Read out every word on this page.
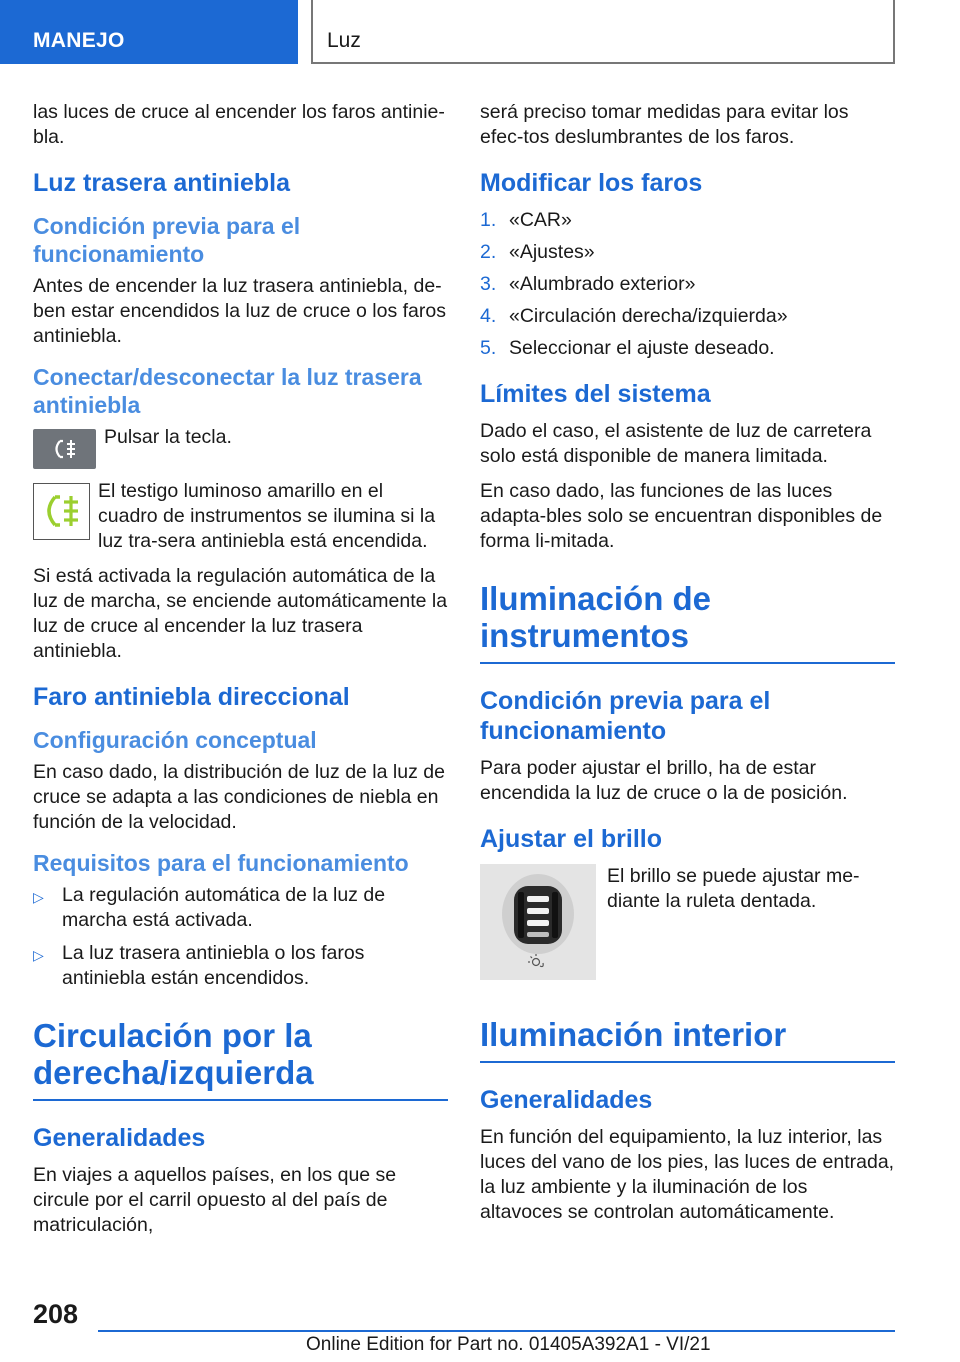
MANEJO	Luz

las luces de cruce al encender los faros antinie-bla.

Luz trasera antiniebla
Condición previa para el funcionamiento

Antes de encender la luz trasera antiniebla, de-ben estar encendidos la luz de cruce o los faros antiniebla.

Conectar/desconectar la luz trasera antiniebla

Pulsar la tecla.

El testigo luminoso amarillo en el cuadro de instrumentos se ilumina si la luz tra-sera antiniebla está encendida.

Si está activada la regulación automática de la luz de marcha, se enciende automáticamente la luz de cruce al encender la luz trasera antiniebla.

Faro antiniebla direccional
Configuración conceptual

En caso dado, la distribución de luz de la luz de cruce se adapta a las condiciones de niebla en función de la velocidad.

Requisitos para el funcionamiento
▷ La regulación automática de la luz de marcha está activada.
▷ La luz trasera antiniebla o los faros antiniebla están encendidos.
Circulación por la derecha/izquierda
Generalidades

En viajes a aquellos países, en los que se circule por el carril opuesto al del país de matriculación,

será preciso tomar medidas para evitar los efec-tos deslumbrantes de los faros.

Modificar los faros
1. «CAR»
2. «Ajustes»
3. «Alumbrado exterior»
4. «Circulación derecha/izquierda»
5. Seleccionar el ajuste deseado.
Límites del sistema

Dado el caso, el asistente de luz de carretera solo está disponible de manera limitada.

En caso dado, las funciones de las luces adapta-bles solo se encuentran disponibles de forma li-mitada.

Iluminación de instrumentos
Condición previa para el funcionamiento

Para poder ajustar el brillo, ha de estar encendida la luz de cruce o la de posición.

Ajustar el brillo

El brillo se puede ajustar me-diante la ruleta dentada.

Iluminación interior
Generalidades

En función del equipamiento, la luz interior, las luces del vano de los pies, las luces de entrada, la luz ambiente y la iluminación de los altavoces se controlan automáticamente.

208
Online Edition for Part no. 01405A392A1 - VI/21
